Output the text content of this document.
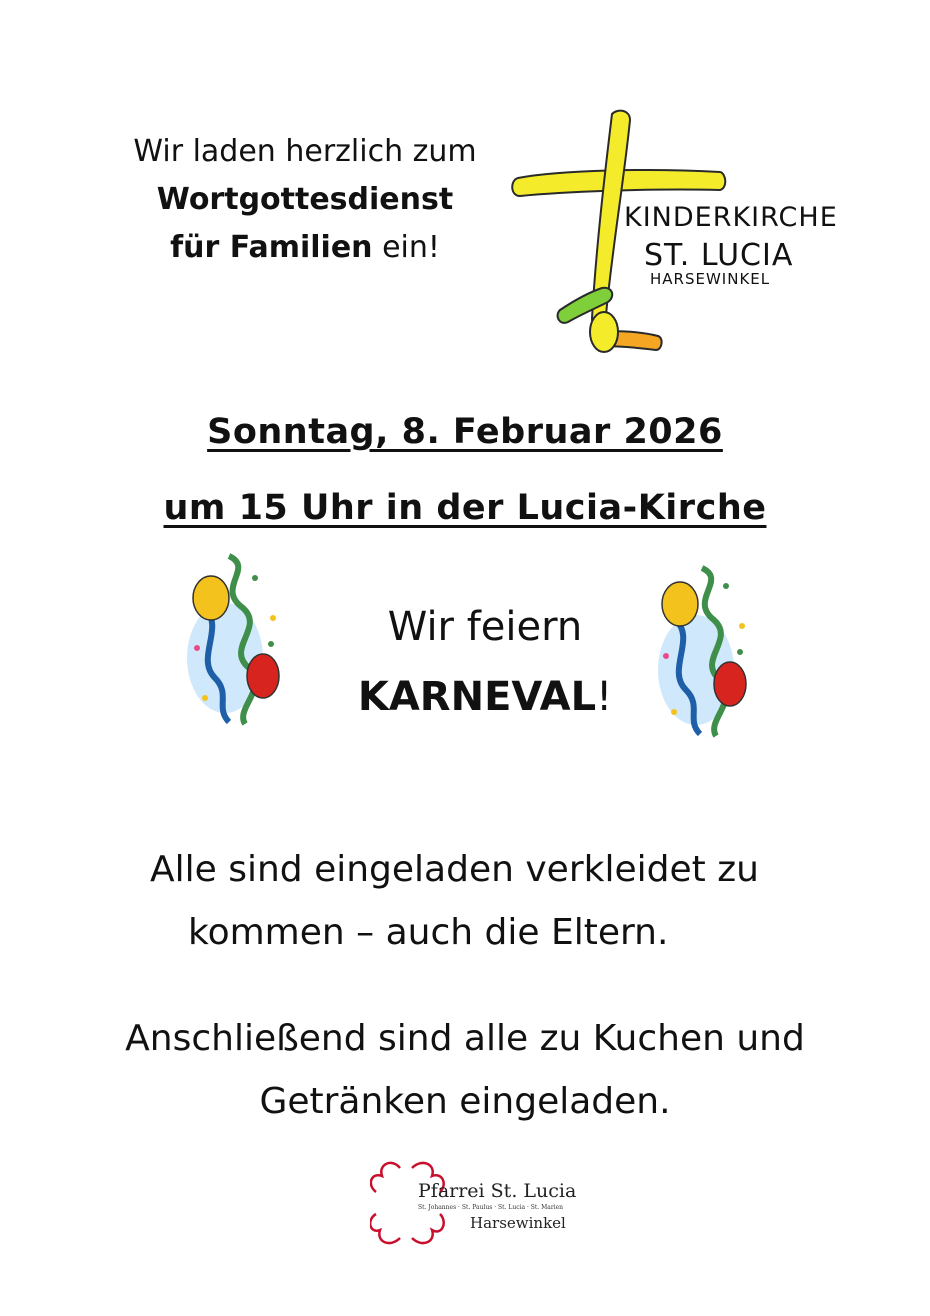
Wir laden herzlich zum
Wortgottesdienst
für Familien ein!
KINDERKIRCHE
ST. LUCIA
HARSEWINKEL
Sonntag, 8. Februar 2026
um 15 Uhr in der Lucia-Kirche
Wir feiern
KARNEVAL!
Alle sind eingeladen verkleidet zu
kommen – auch die Eltern.
Anschließend sind alle zu Kuchen und
Getränken eingeladen.
Pfarrei St. Lucia
St. Johannes · St. Paulus · St. Lucia · St. Marien
Harsewinkel
